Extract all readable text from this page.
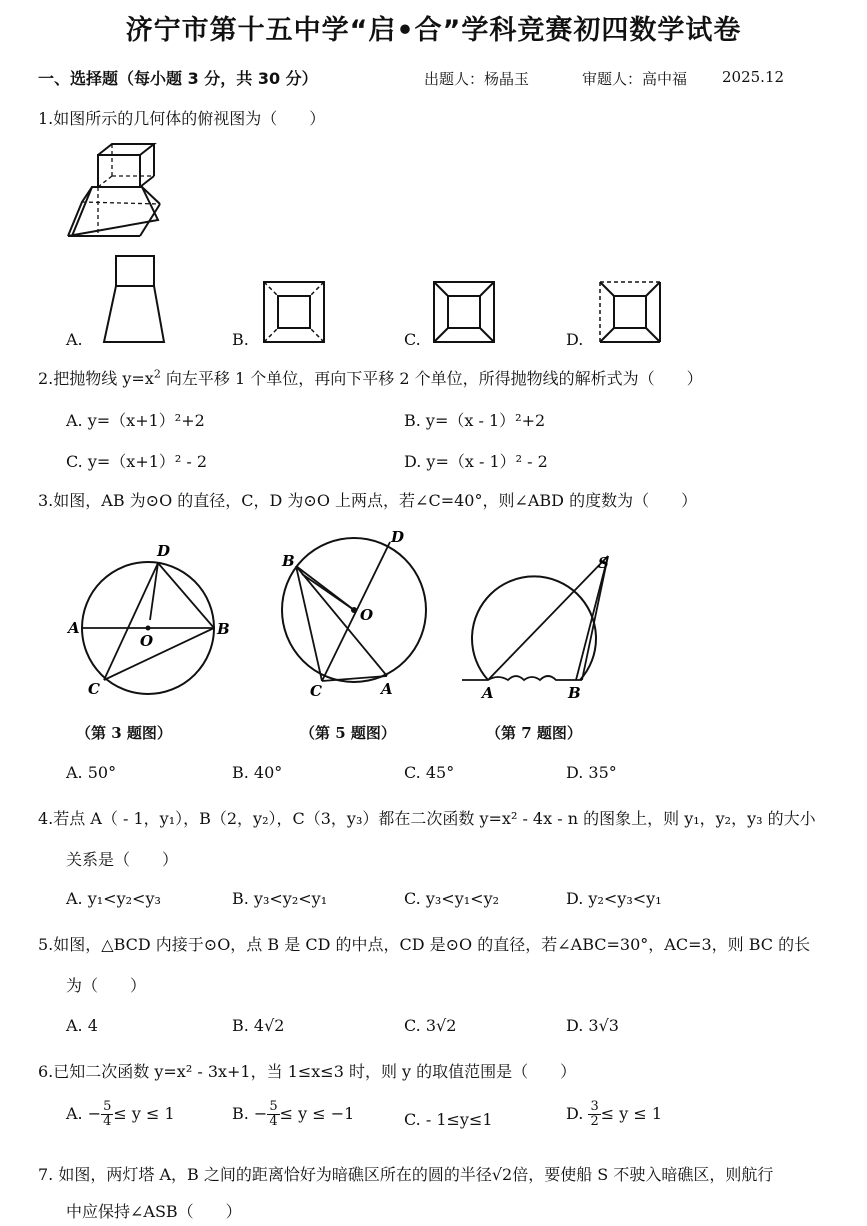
济宁市第十五中学“启•合”学科竞赛初四数学试卷
一、选择题（每小题 3 分，共 30 分）	出题人：杨晶玉	审题人：高中福 2025.12
1.如图所示的几何体的俯视图为（　　）
A.	B.	C.	D.
2.把抛物线 $y=x^2$ 向左平移 1 个单位，再向下平移 2 个单位，所得抛物线的解析式为（　　）
A. y=（x+1）²+2	B. y=（x - 1）²+2
C. y=（x+1）² - 2	D. y=（x - 1）² - 2
3.如图，AB 为⊙O 的直径，C，D 为⊙O 上两点，若∠C=40°，则∠ABD 的度数为（　　）
D
A
O
B
C
（第 3 题图）
B
D
O
C	A
（第 5 题图）
S
A	B
（第 7 题图）
A. 50°	B. 40°	C. 45°	D. 35°
4.若点 A（ - 1，y₁），B（2，y₂），C（3，y₃）都在二次函数 y=x² - 4x - n 的图象上，则 y₁，y₂，y₃ 的大小
关系是（　　）
A. y₁<y₂<y₃	B. y₃<y₂<y₁	C. y₃<y₁<y₂	D. y₂<y₃<y₁
5.如图，△BCD 内接于⊙O，点 B 是 CD 的中点，CD 是⊙O 的直径，若∠ABC=30°，AC=3，则 BC 的长
为（　　）
A. 4	B. 4√2	C. 3√2	D. 3√3
6.已知二次函数 y=x² - 3x+1，当 1≤x≤3 时，则 y 的取值范围是（　　）
A. − $\frac{5}{4} \le y \le 1$	B. − $\frac{5}{4} \le y \le -1$	C. - 1≤y≤1	D. $\frac{3}{2} \le y \le 1$
7. 如图，两灯塔 A，B 之间的距离恰好为暗礁区所在的圆的半径√2倍，要使船 S 不驶入暗礁区，则航行
中应保持∠ASB（　　）
